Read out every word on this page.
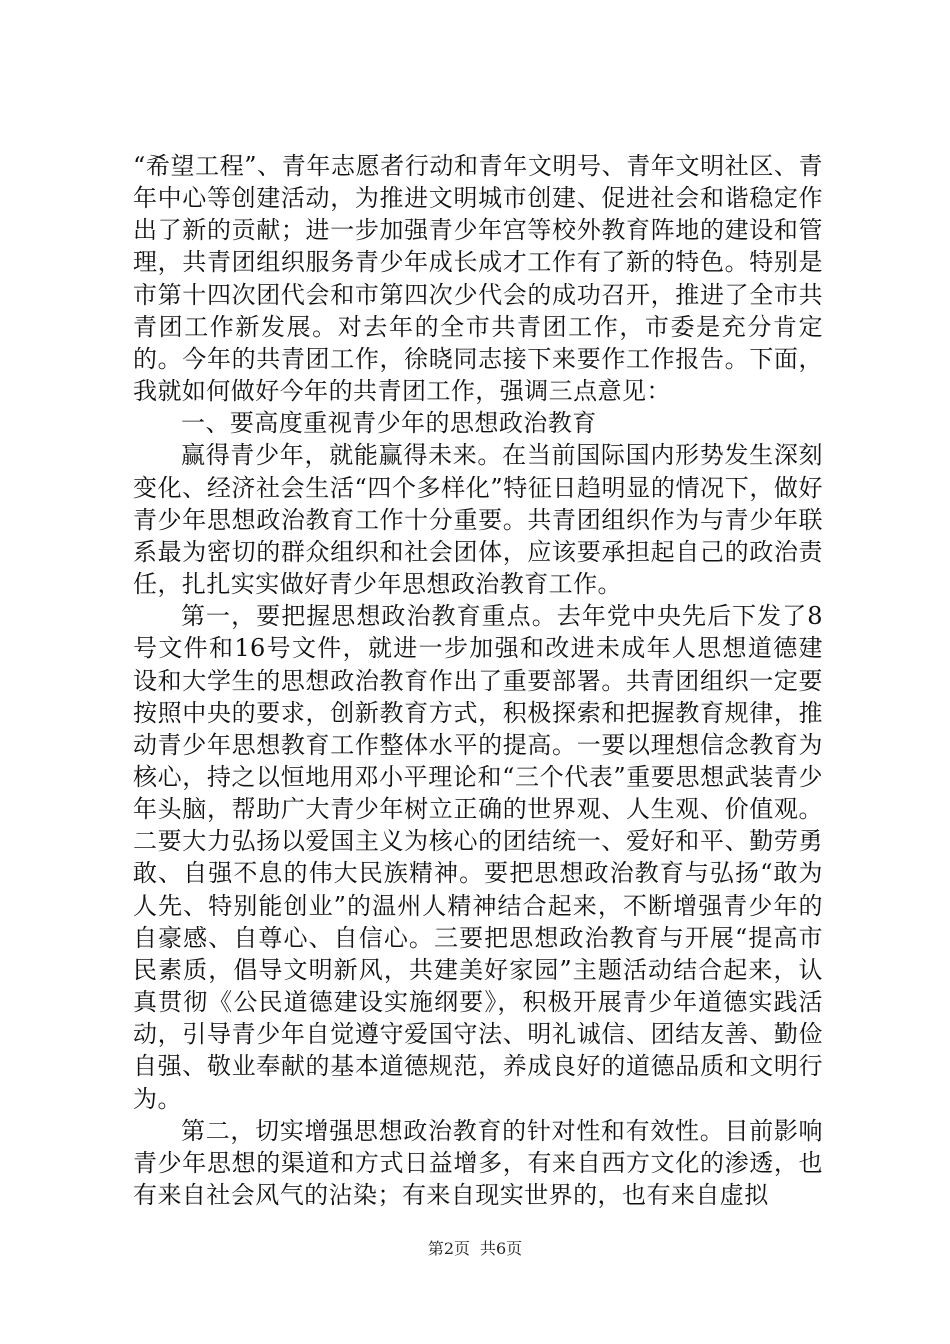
“希望工程”、青年志愿者行动和青年文明号、青年文明社区、青年中心等创建活动，为推进文明城市创建、促进社会和谐稳定作出了新的贡献；进一步加强青少年宫等校外教育阵地的建设和管理，共青团组织服务青少年成长成才工作有了新的特色。特别是市第十四次团代会和市第四次少代会的成功召开，推进了全市共青团工作新发展。对去年的全市共青团工作，市委是充分肯定的。今年的共青团工作，徐晓同志接下来要作工作报告。下面，我就如何做好今年的共青团工作，强调三点意见：

一、要高度重视青少年的思想政治教育

赢得青少年，就能赢得未来。在当前国际国内形势发生深刻变化、经济社会生活“四个多样化”特征日趋明显的情况下，做好青少年思想政治教育工作十分重要。共青团组织作为与青少年联系最为密切的群众组织和社会团体，应该要承担起自己的政治责任，扎扎实实做好青少年思想政治教育工作。

第一，要把握思想政治教育重点。去年党中央先后下发了8号文件和16号文件，就进一步加强和改进未成年人思想道德建设和大学生的思想政治教育作出了重要部署。共青团组织一定要按照中央的要求，创新教育方式，积极探索和把握教育规律，推动青少年思想教育工作整体水平的提高。一要以理想信念教育为核心，持之以恒地用邓小平理论和“三个代表”重要思想武装青少年头脑，帮助广大青少年树立正确的世界观、人生观、价值观。二要大力弘扬以爱国主义为核心的团结统一、爱好和平、勤劳勇敢、自强不息的伟大民族精神。要把思想政治教育与弘扬“敢为人先、特别能创业”的温州人精神结合起来，不断增强青少年的自豪感、自尊心、自信心。三要把思想政治教育与开展“提高市民素质，倡导文明新风，共建美好家园”主题活动结合起来，认真贯彻《公民道德建设实施纲要》，积极开展青少年道德实践活动，引导青少年自觉遵守爱国守法、明礼诚信、团结友善、勤俭自强、敬业奉献的基本道德规范，养成良好的道德品质和文明行为。

第二，切实增强思想政治教育的针对性和有效性。目前影响青少年思想的渠道和方式日益增多，有来自西方文化的渗透，也有来自社会风气的沾染；有来自现实世界的，也有来自虚拟

第2页 共6页
